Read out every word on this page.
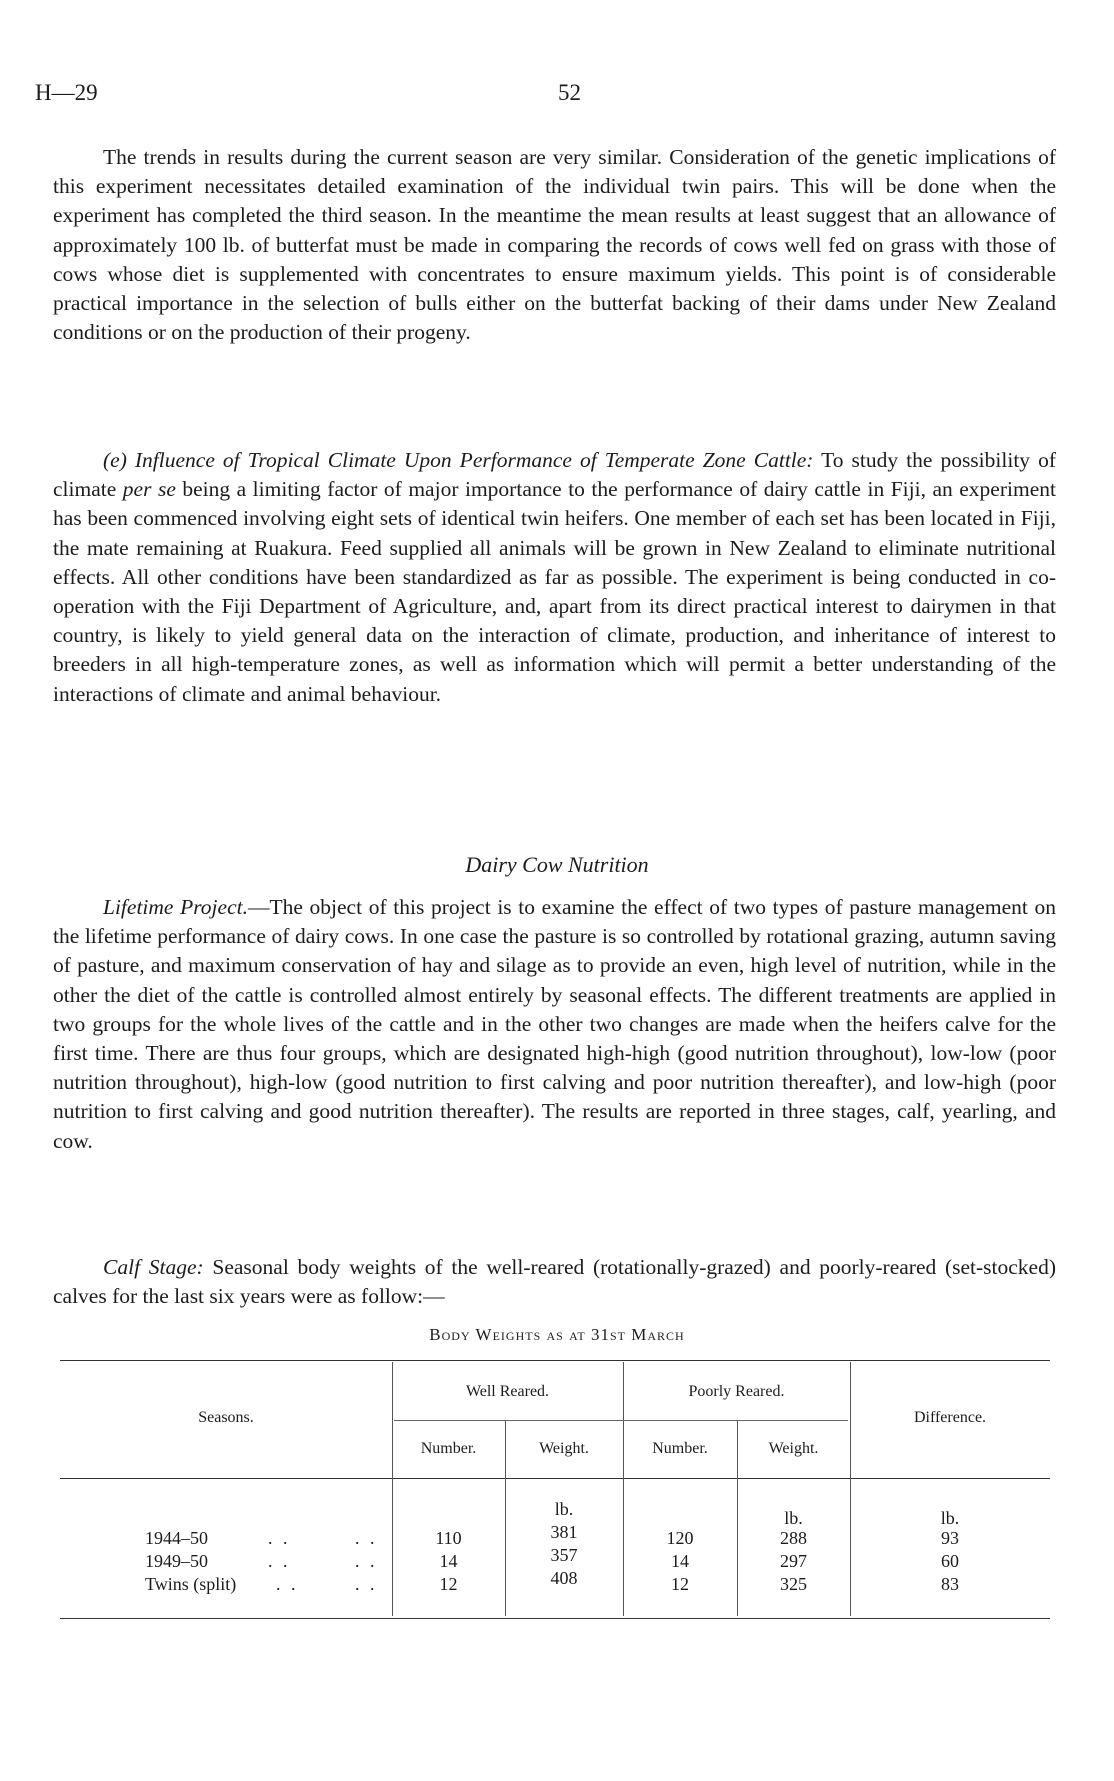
H—29	52

The trends in results during the current season are very similar. Consideration of the genetic implications of this experiment necessitates detailed examination of the individual twin pairs. This will be done when the experiment has completed the third season. In the meantime the mean results at least suggest that an allowance of approximately 100 lb. of butterfat must be made in comparing the records of cows well fed on grass with those of cows whose diet is supplemented with concentrates to ensure maximum yields. This point is of considerable practical importance in the selection of bulls either on the butterfat backing of their dams under New Zealand conditions or on the production of their progeny.

(e) Influence of Tropical Climate Upon Performance of Temperate Zone Cattle: To study the possibility of climate per se being a limiting factor of major importance to the performance of dairy cattle in Fiji, an experiment has been commenced involving eight sets of identical twin heifers. One member of each set has been located in Fiji, the mate remaining at Ruakura. Feed supplied all animals will be grown in New Zealand to eliminate nutritional effects. All other conditions have been standardized as far as possible. The experiment is being conducted in co-operation with the Fiji Department of Agriculture, and, apart from its direct practical interest to dairymen in that country, is likely to yield general data on the interaction of climate, production, and inheritance of interest to breeders in all high-temperature zones, as well as information which will permit a better understanding of the interactions of climate and animal behaviour.

Dairy Cow Nutrition

Lifetime Project.—The object of this project is to examine the effect of two types of pasture management on the lifetime performance of dairy cows. In one case the pasture is so controlled by rotational grazing, autumn saving of pasture, and maximum conservation of hay and silage as to provide an even, high level of nutrition, while in the other the diet of the cattle is controlled almost entirely by seasonal effects. The different treatments are applied in two groups for the whole lives of the cattle and in the other two changes are made when the heifers calve for the first time. There are thus four groups, which are designated high-high (good nutrition throughout), low-low (poor nutrition throughout), high-low (good nutrition to first calving and poor nutrition thereafter), and low-high (poor nutrition to first calving and good nutrition thereafter). The results are reported in three stages, calf, yearling, and cow.

Calf Stage: Seasonal body weights of the well-reared (rotationally-grazed) and poorly-reared (set-stocked) calves for the last six years were as follow:—

Body Weights as at 31st March
Seasons.
Well Reared.	Poorly Reared.
Difference.
Number.	Weight.	Number.	Weight.
lb.	lb.	lb.
1944–50	. .	. .	110	381	120	288	93
1949–50	. .	. .	14	357	14	297	60
Twins (split) . .	. .	12	408	12	325	83
